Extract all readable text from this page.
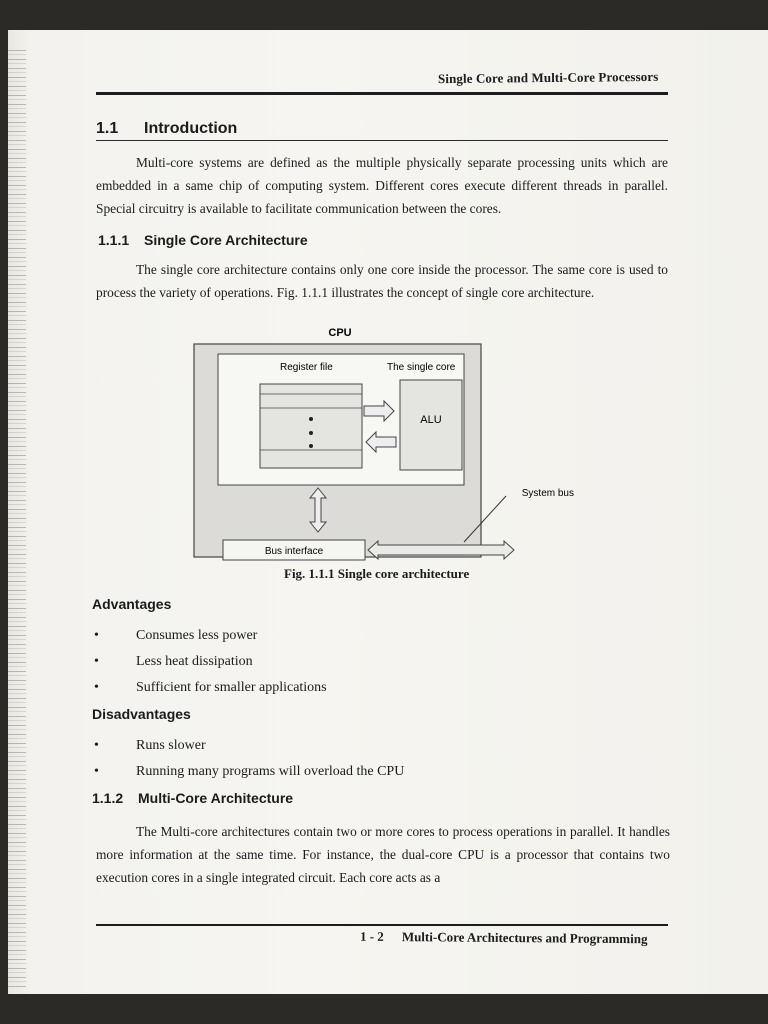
Single Core and Multi-Core Processors
1.1 Introduction
Multi-core systems are defined as the multiple physically separate processing units which are embedded in a same chip of computing system. Different cores execute different threads in parallel. Special circuitry is available to facilitate communication between the cores.
1.1.1 Single Core Architecture
The single core architecture contains only one core inside the processor. The same core is used to process the variety of operations. Fig. 1.1.1 illustrates the concept of single core architecture.
CPU
Register file	The single core
ALU
Bus interface
System bus
Fig. 1.1.1 Single core architecture
Advantages
•	Consumes less power
•	Less heat dissipation
•	Sufficient for smaller applications
Disadvantages
•	Runs slower
•	Running many programs will overload the CPU
1.1.2 Multi-Core Architecture
The Multi-core architectures contain two or more cores to process operations in parallel. It handles more information at the same time. For instance, the dual-core CPU is a processor that contains two execution cores in a single integrated circuit. Each core acts as a
1 - 2 Multi-Core Architectures and Programming
